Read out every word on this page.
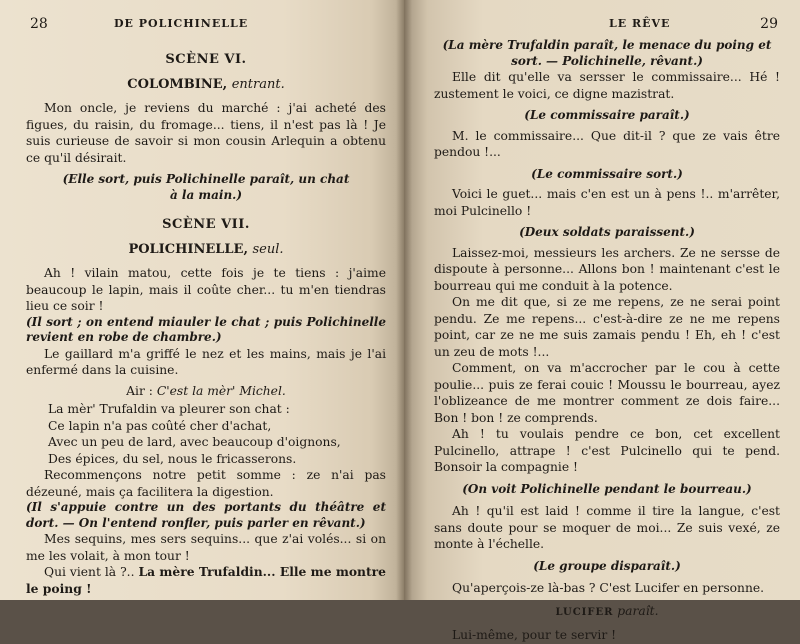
28	DE POLICHINELLE
SCÈNE VI.
COLOMBINE, entrant.

Mon oncle, je reviens du marché : j'ai acheté des figues, du raisin, du fromage... tiens, il n'est pas là ! Je suis curieuse de savoir si mon cousin Arlequin a obtenu ce qu'il désirait.

(Elle sort, puis Polichinelle paraît, un chat

à la main.)

SCÈNE VII.
POLICHINELLE, seul.

Ah ! vilain matou, cette fois je te tiens : j'aime beaucoup le lapin, mais il coûte cher... tu m'en tiendras lieu ce soir !

(Il sort ; on entend miauler le chat ; puis Polichinelle revient en robe de chambre.)

Le gaillard m'a griffé le nez et les mains, mais je l'ai enfermé dans la cuisine.

Air : C'est la mèr' Michel.

La mèr' Trufaldin va pleurer son chat :

Ce lapin n'a pas coûté cher d'achat,

Avec un peu de lard, avec beaucoup d'oignons,

Des épices, du sel, nous le fricasserons.

Recommençons notre petit somme : ze n'ai pas dézeuné, mais ça facilitera la digestion.

(Il s'appuie contre un des portants du théâtre et dort. — On l'entend ronfler, puis parler en rêvant.)

Mes sequins, mes sers sequins... que z'ai volés... si on me les volait, à mon tour !

Qui vient là ?.. La mère Trufaldin... Elle me montre le poing !

LE RÊVE	29

(La mère Trufaldin paraît, le menace du poing et sort. — Polichinelle, rêvant.)

Elle dit qu'elle va sersser le commissaire... Hé ! zustement le voici, ce digne mazistrat.

(Le commissaire paraît.)

M. le commissaire... Que dit-il ? que ze vais être pendou !...

(Le commissaire sort.)

Voici le guet... mais c'en est un à pens !.. m'arrêter, moi Pulcinello !

(Deux soldats paraissent.)

Laissez-moi, messieurs les archers. Ze ne sersse de dispoute à personne... Allons bon ! maintenant c'est le bourreau qui me conduit à la potence.

On me dit que, si ze me repens, ze ne serai point pendu. Ze me repens... c'est-à-dire ze ne me repens point, car ze ne me suis zamais pendu ! Eh, eh ! c'est un zeu de mots !...

Comment, on va m'accrocher par le cou à cette poulie... puis ze ferai couic ! Moussu le bourreau, ayez l'oblizeance de me montrer comment ze dois faire... Bon ! bon ! ze comprends.

Ah ! tu voulais pendre ce bon, cet excellent Pulcinello, attrape ! c'est Pulcinello qui te pend. Bonsoir la compagnie !

(On voit Polichinelle pendant le bourreau.)

Ah ! qu'il est laid ! comme il tire la langue, c'est sans doute pour se moquer de moi... Ze suis vexé, ze monte à l'échelle.

(Le groupe disparaît.)

Qu'aperçois-ze là-bas ? C'est Lucifer en personne.

LUCIFER paraît.

Lui-même, pour te servir !
